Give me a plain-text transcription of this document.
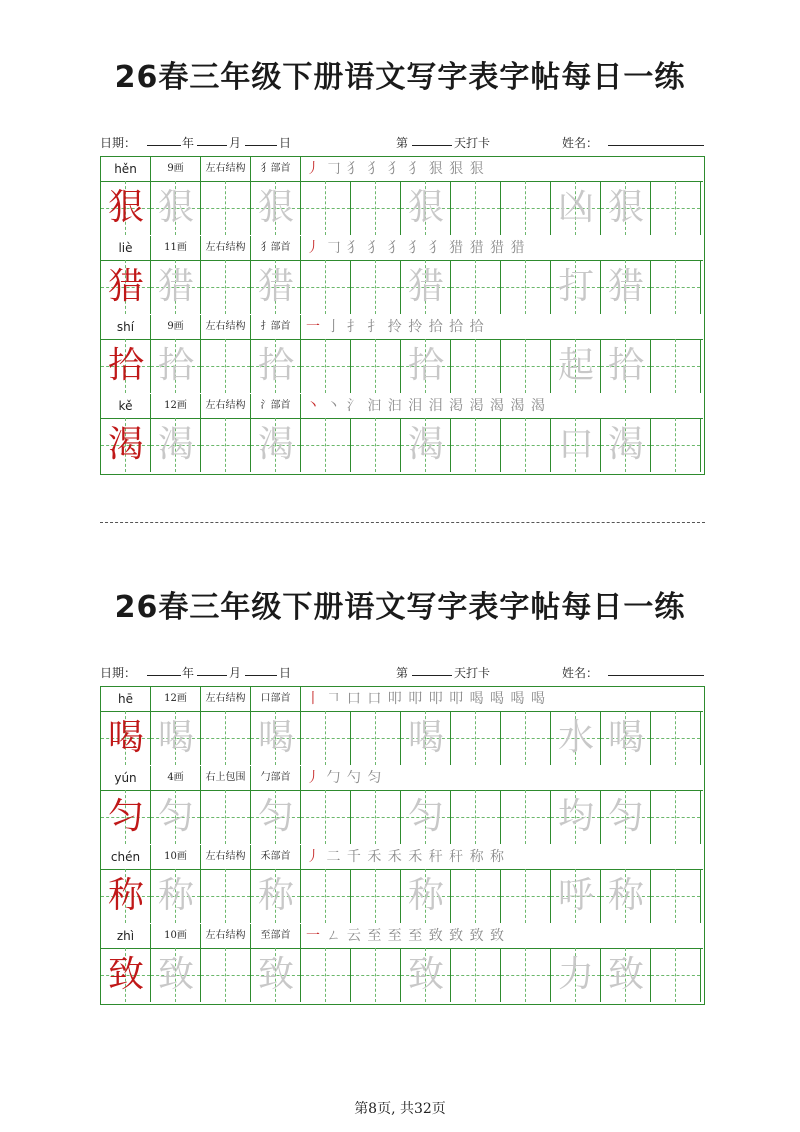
26春三年级下册语文写字表字帖每日一练
日期：	年	月	日	第	天打卡	姓名：
hěn	9画	左右结构	犭部首	丿 𠃌 犭 犭 犭 犭 狠 狠 狠
狠 狠 狠	狠	凶 狠
liè	11画	左右结构	犭部首	丿 𠃌 犭 犭 犭 犭 犭 猎 猎 猎 猎
猎 猎 猎	猎	打 猎
shí	9画	左右结构	扌部首	一 亅 扌 扌 拎 拎 拾 拾 拾
拾 拾 拾	拾	起 拾
kě	12画	左右结构	氵部首	丶 丶 氵 汩 汩 泪 泪 渇 渇 渴 渴 渴
渴 渴 渴	渴	口 渴
26春三年级下册语文写字表字帖每日一练
日期：	年	月	日	第	天打卡	姓名：
hē	12画	左右结构	口部首	丨 𠃍 口 口 叩 叩 叩 叩 喝 喝 喝 喝
喝 喝 喝	喝	水 喝
yún	4画	右上包围	勹部首	丿 勹 勺 匀
匀 匀 匀	匀	均 匀
chén	10画	左右结构	禾部首	丿 二 千 禾 禾 禾 秆 秆 称 称
称 称 称	称	呼 称
zhì	10画	左右结构	至部首	一 ㄥ 云 至 至 至 致 致 致 致
致 致 致	致	力 致
第8页, 共32页
